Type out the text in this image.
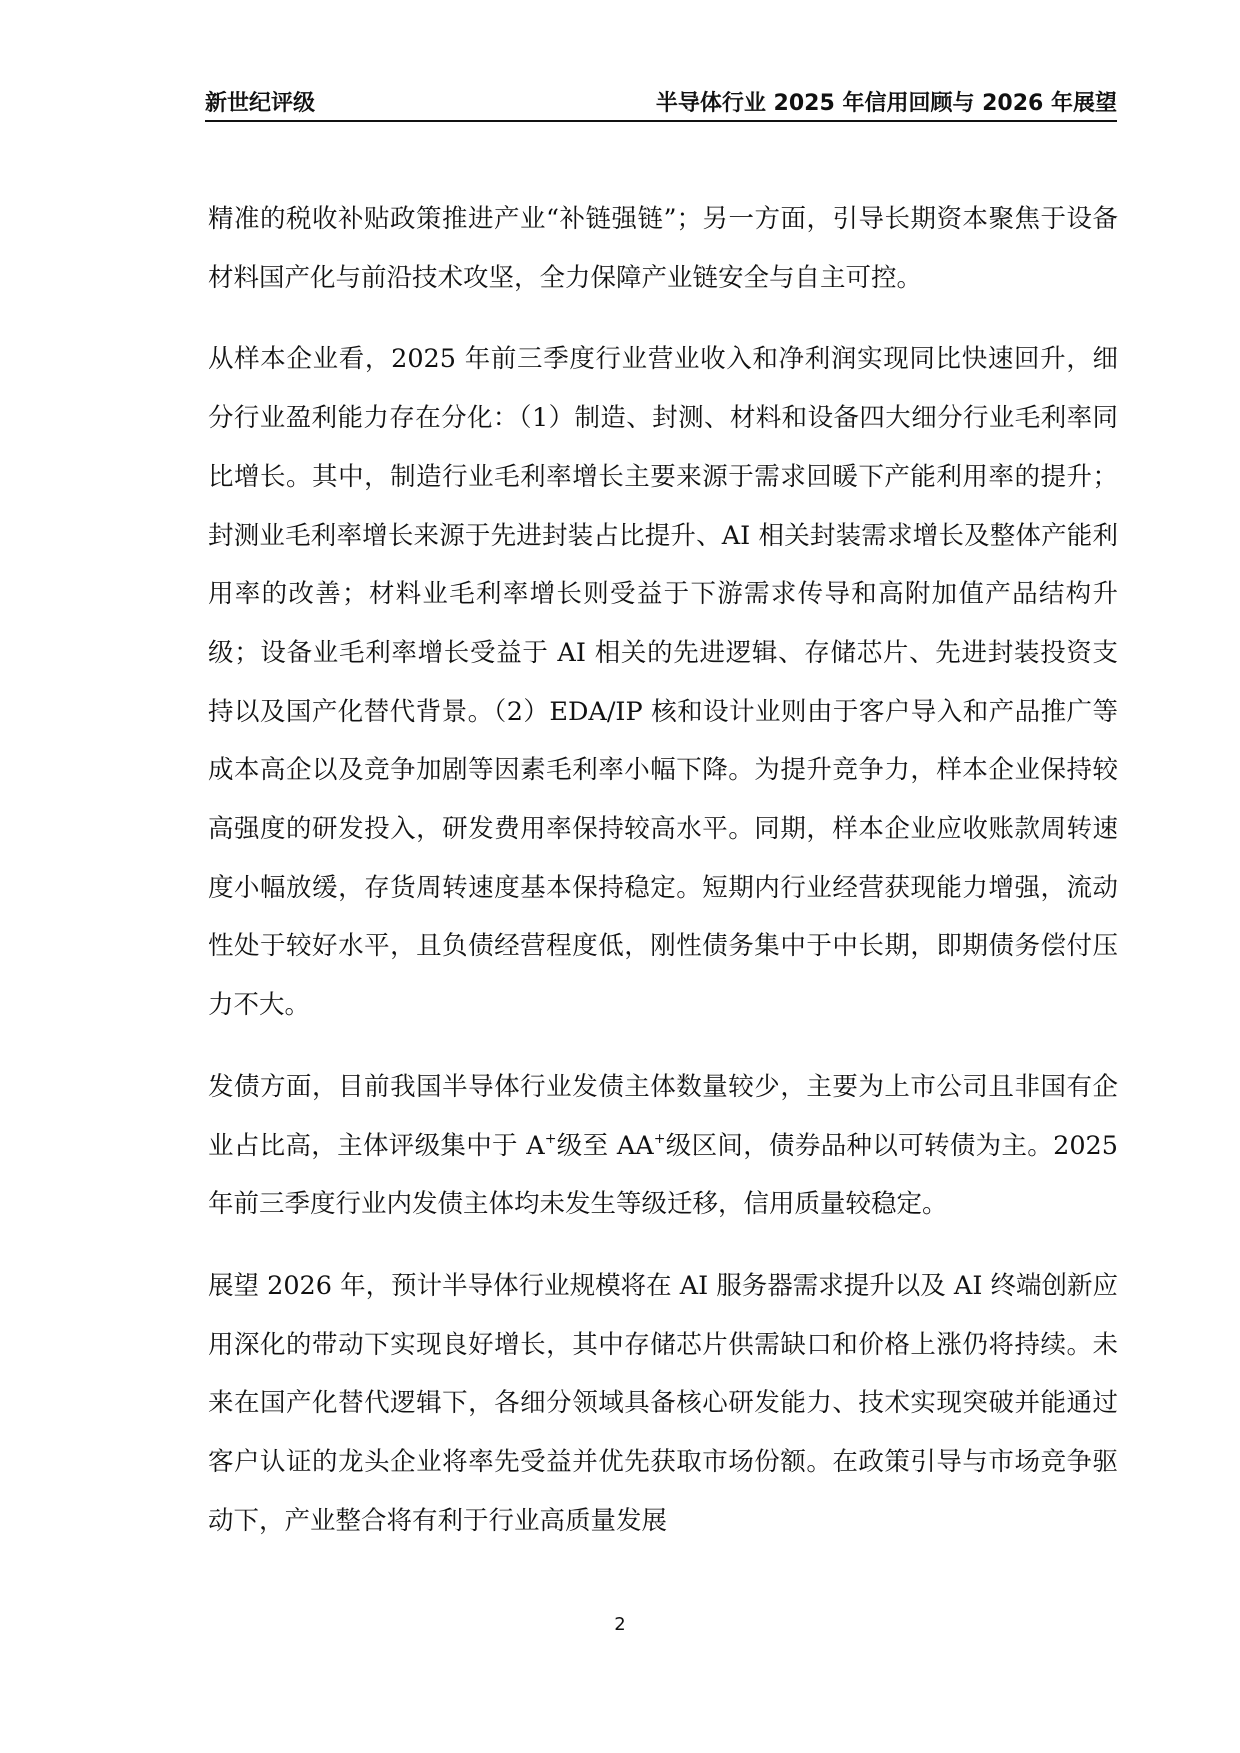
新世纪评级	半导体行业 2025 年信用回顾与 2026 年展望

精准的税收补贴政策推进产业“补链强链”；另一方面，引导长期资本聚焦于设备材料国产化与前沿技术攻坚，全力保障产业链安全与自主可控。

从样本企业看，2025 年前三季度行业营业收入和净利润实现同比快速回升，细分行业盈利能力存在分化：（1）制造、封测、材料和设备四大细分行业毛利率同比增长。其中，制造行业毛利率增长主要来源于需求回暖下产能利用率的提升；封测业毛利率增长来源于先进封装占比提升、AI 相关封装需求增长及整体产能利用率的改善；材料业毛利率增长则受益于下游需求传导和高附加值产品结构升级；设备业毛利率增长受益于 AI 相关的先进逻辑、存储芯片、先进封装投资支持以及国产化替代背景。（2）EDA/IP 核和设计业则由于客户导入和产品推广等成本高企以及竞争加剧等因素毛利率小幅下降。为提升竞争力，样本企业保持较高强度的研发投入，研发费用率保持较高水平。同期，样本企业应收账款周转速度小幅放缓，存货周转速度基本保持稳定。短期内行业经营获现能力增强，流动性处于较好水平，且负债经营程度低，刚性债务集中于中长期，即期债务偿付压力不大。

发债方面，目前我国半导体行业发债主体数量较少，主要为上市公司且非国有企业占比高，主体评级集中于 A+级至 AA+级区间，债券品种以可转债为主。2025 年前三季度行业内发债主体均未发生等级迁移，信用质量较稳定。

展望 2026 年，预计半导体行业规模将在 AI 服务器需求提升以及 AI 终端创新应用深化的带动下实现良好增长，其中存储芯片供需缺口和价格上涨仍将持续。未来在国产化替代逻辑下，各细分领域具备核心研发能力、技术实现突破并能通过客户认证的龙头企业将率先受益并优先获取市场份额。在政策引导与市场竞争驱动下，产业整合将有利于行业高质量发展

2
